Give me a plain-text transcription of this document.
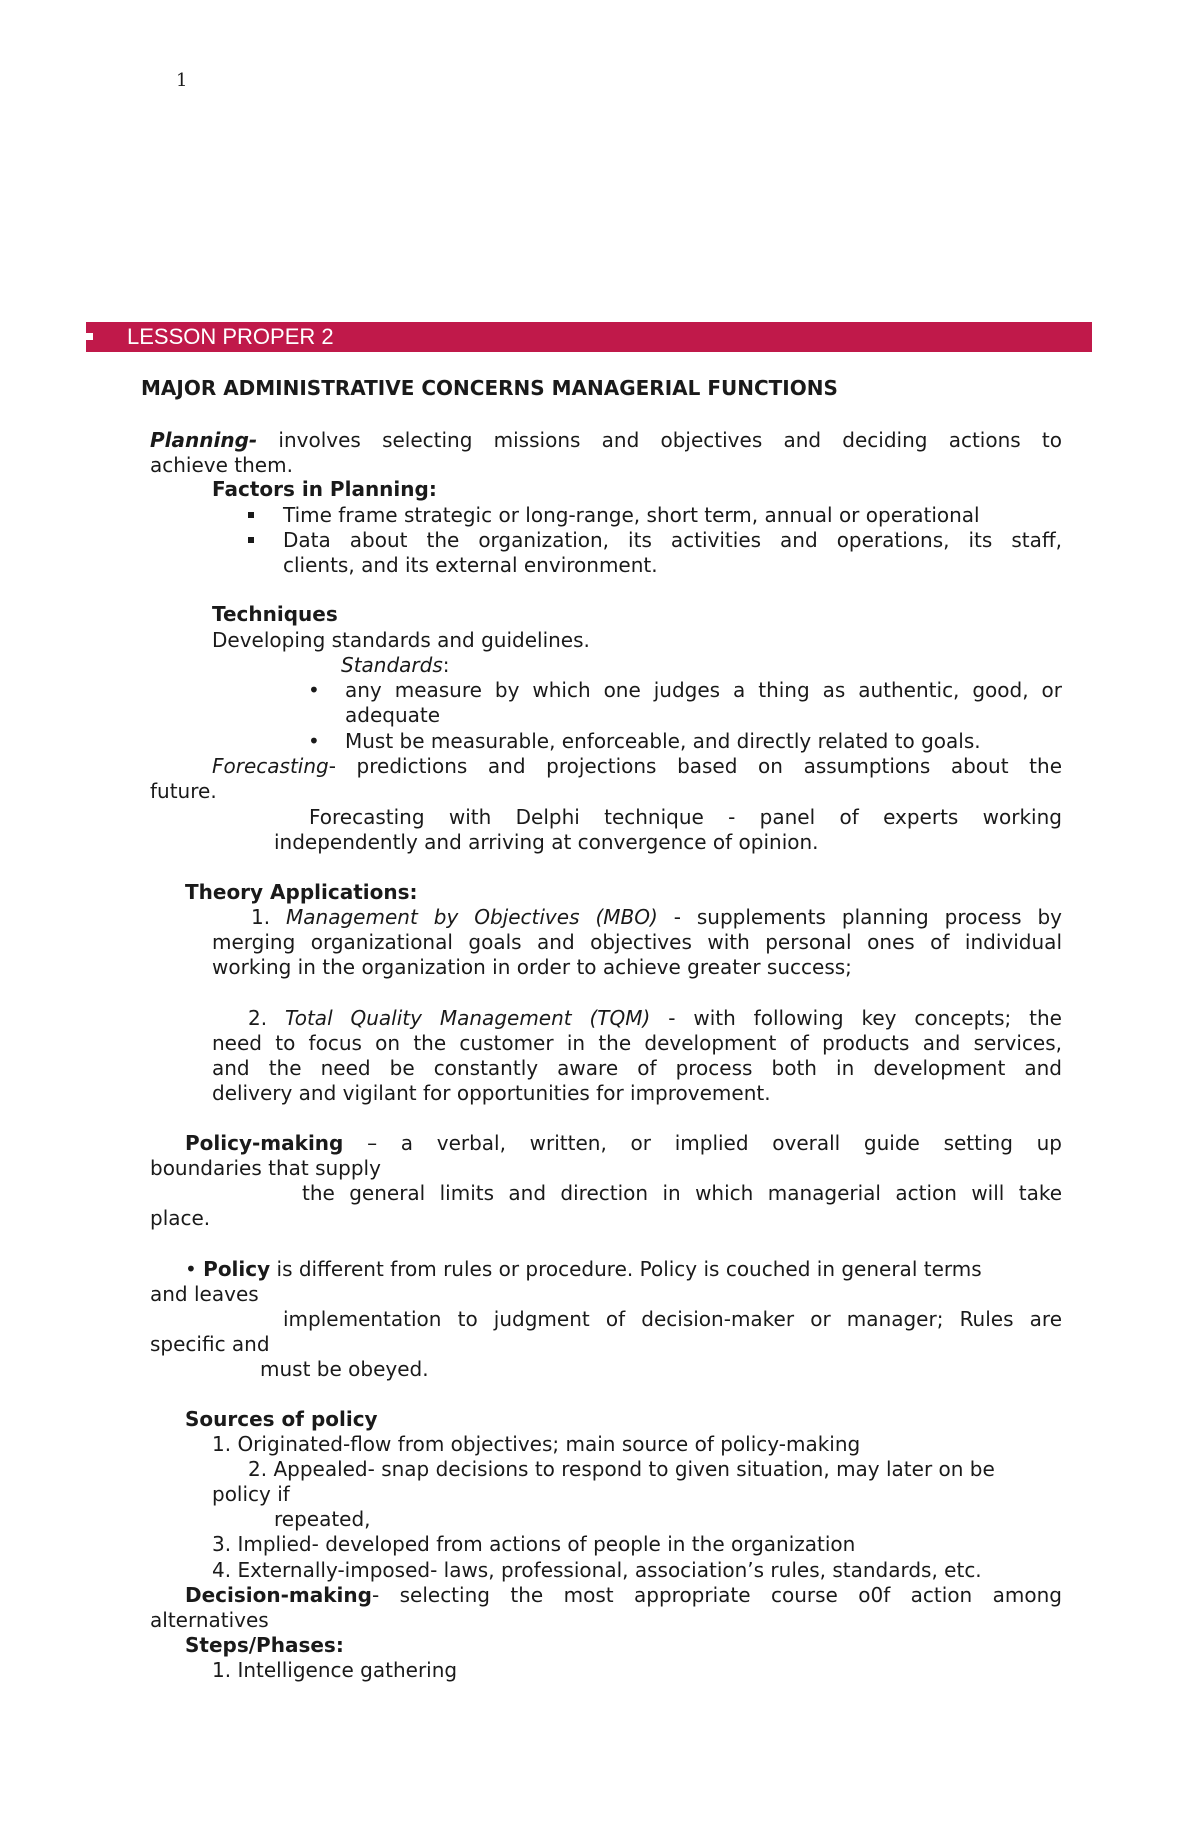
1
LESSON PROPER 2
MAJOR ADMINISTRATIVE CONCERNS MANAGERIAL FUNCTIONS
Planning- involves selecting missions and objectives and deciding actions to
achieve them.
Factors in Planning:
Time frame strategic or long-range, short term, annual or operational
Data about the organization, its activities and operations, its staff,
clients, and its external environment.
Techniques
Developing standards and guidelines.
Standards:
• any measure by which one judges a thing as authentic, good, or
adequate
• Must be measurable, enforceable, and directly related to goals.
Forecasting- predictions and projections based on assumptions about the
future.
Forecasting with Delphi technique - panel of experts working
independently and arriving at convergence of opinion.
Theory Applications:
1. Management by Objectives (MBO) - supplements planning process by
merging organizational goals and objectives with personal ones of individual
working in the organization in order to achieve greater success;
2. Total Quality Management (TQM) - with following key concepts; the
need to focus on the customer in the development of products and services,
and the need be constantly aware of process both in development and
delivery and vigilant for opportunities for improvement.
Policy-making – a verbal, written, or implied overall guide setting up
boundaries that supply
the general limits and direction in which managerial action will take
place.
• Policy is different from rules or procedure. Policy is couched in general terms
and leaves
implementation to judgment of decision-maker or manager; Rules are
specific and
must be obeyed.
Sources of policy
1. Originated-flow from objectives; main source of policy-making
2. Appealed- snap decisions to respond to given situation, may later on be
policy if
repeated,
3. Implied- developed from actions of people in the organization
4. Externally-imposed- laws, professional, association’s rules, standards, etc.
Decision-making- selecting the most appropriate course o0f action among
alternatives
Steps/Phases:
1. Intelligence gathering
